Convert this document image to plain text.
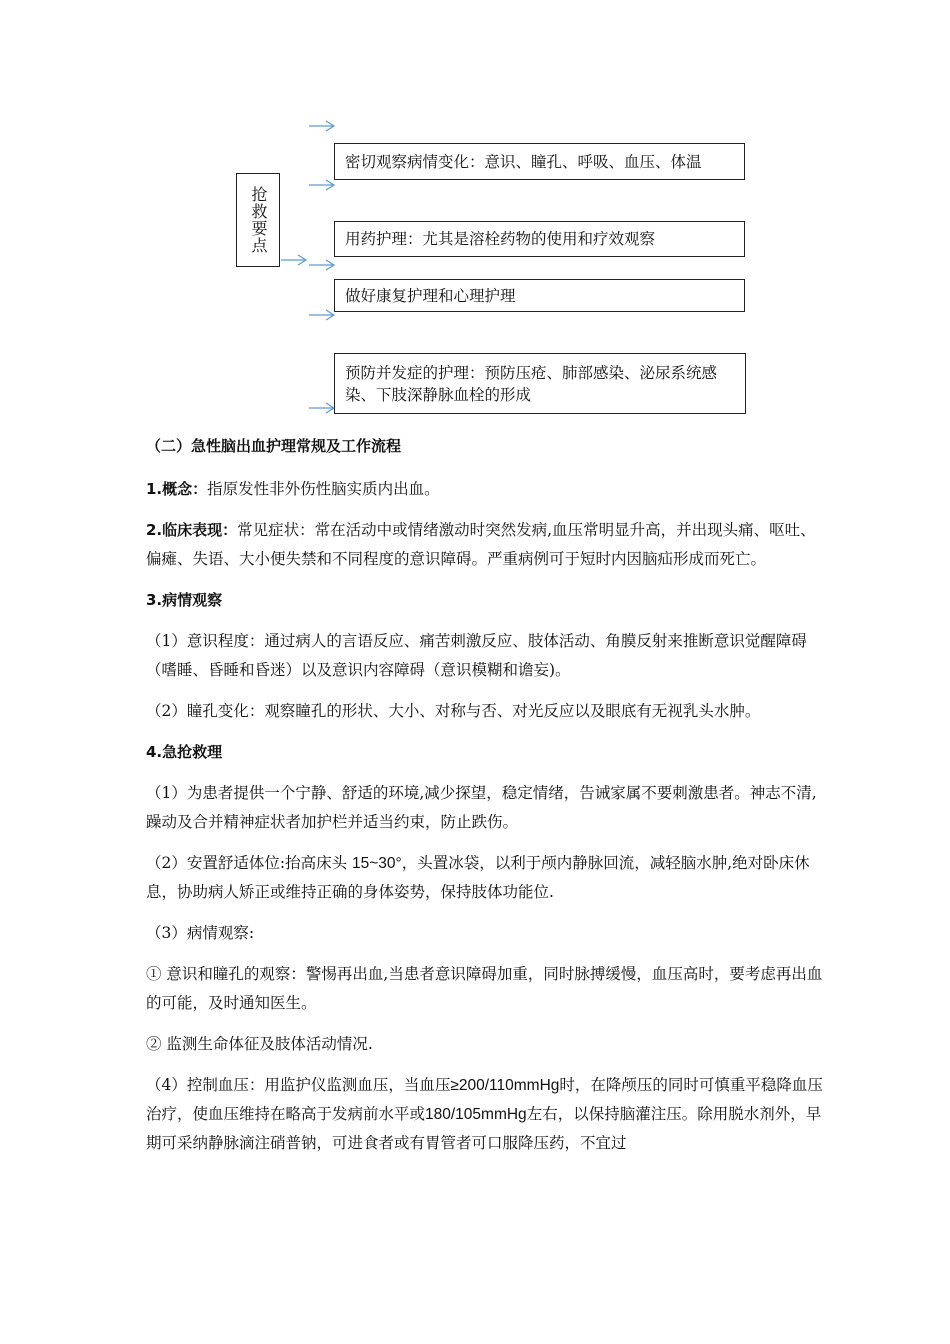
抢救要点
密切观察病情变化：意识、瞳孔、呼吸、血压、体温
用药护理：尤其是溶栓药物的使用和疗效观察
做好康复护理和心理护理
预防并发症的护理：预防压疮、肺部感染、泌尿系统感染、下肢深静脉血栓的形成

（二）急性脑出血护理常规及工作流程

1.概念：指原发性非外伤性脑实质内出血。

2.临床表现：常见症状：常在活动中或情绪激动时突然发病,血压常明显升高，并出现头痛、呕吐、偏瘫、失语、大小便失禁和不同程度的意识障碍。严重病例可于短时内因脑疝形成而死亡。

3.病情观察

（1）意识程度：通过病人的言语反应、痛苦刺激反应、肢体活动、角膜反射来推断意识觉醒障碍（嗜睡、昏睡和昏迷）以及意识内容障碍（意识模糊和谵妄)。

（2）瞳孔变化：观察瞳孔的形状、大小、对称与否、对光反应以及眼底有无视乳头水肿。

4.急抢救理

（1）为患者提供一个宁静、舒适的环境,减少探望，稳定情绪，告诫家属不要刺激患者。神志不清,躁动及合并精神症状者加护栏并适当约束，防止跌伤。

（2）安置舒适体位:抬高床头 15~30°，头置冰袋，以利于颅内静脉回流，减轻脑水肿,绝对卧床休息，协助病人矫正或维持正确的身体姿势，保持肢体功能位.

（3）病情观察:

① 意识和瞳孔的观察：警惕再出血,当患者意识障碍加重，同时脉搏缓慢，血压高时，要考虑再出血的可能，及时通知医生。

② 监测生命体征及肢体活动情况.

（4）控制血压：用监护仪监测血压，当血压≥200/110mmHg时，在降颅压的同时可慎重平稳降血压治疗，使血压维持在略高于发病前水平或180/105mmHg左右，以保持脑灌注压。除用脱水剂外，早期可采纳静脉滴注硝普钠，可进食者或有胃管者可口服降压药，不宜过
